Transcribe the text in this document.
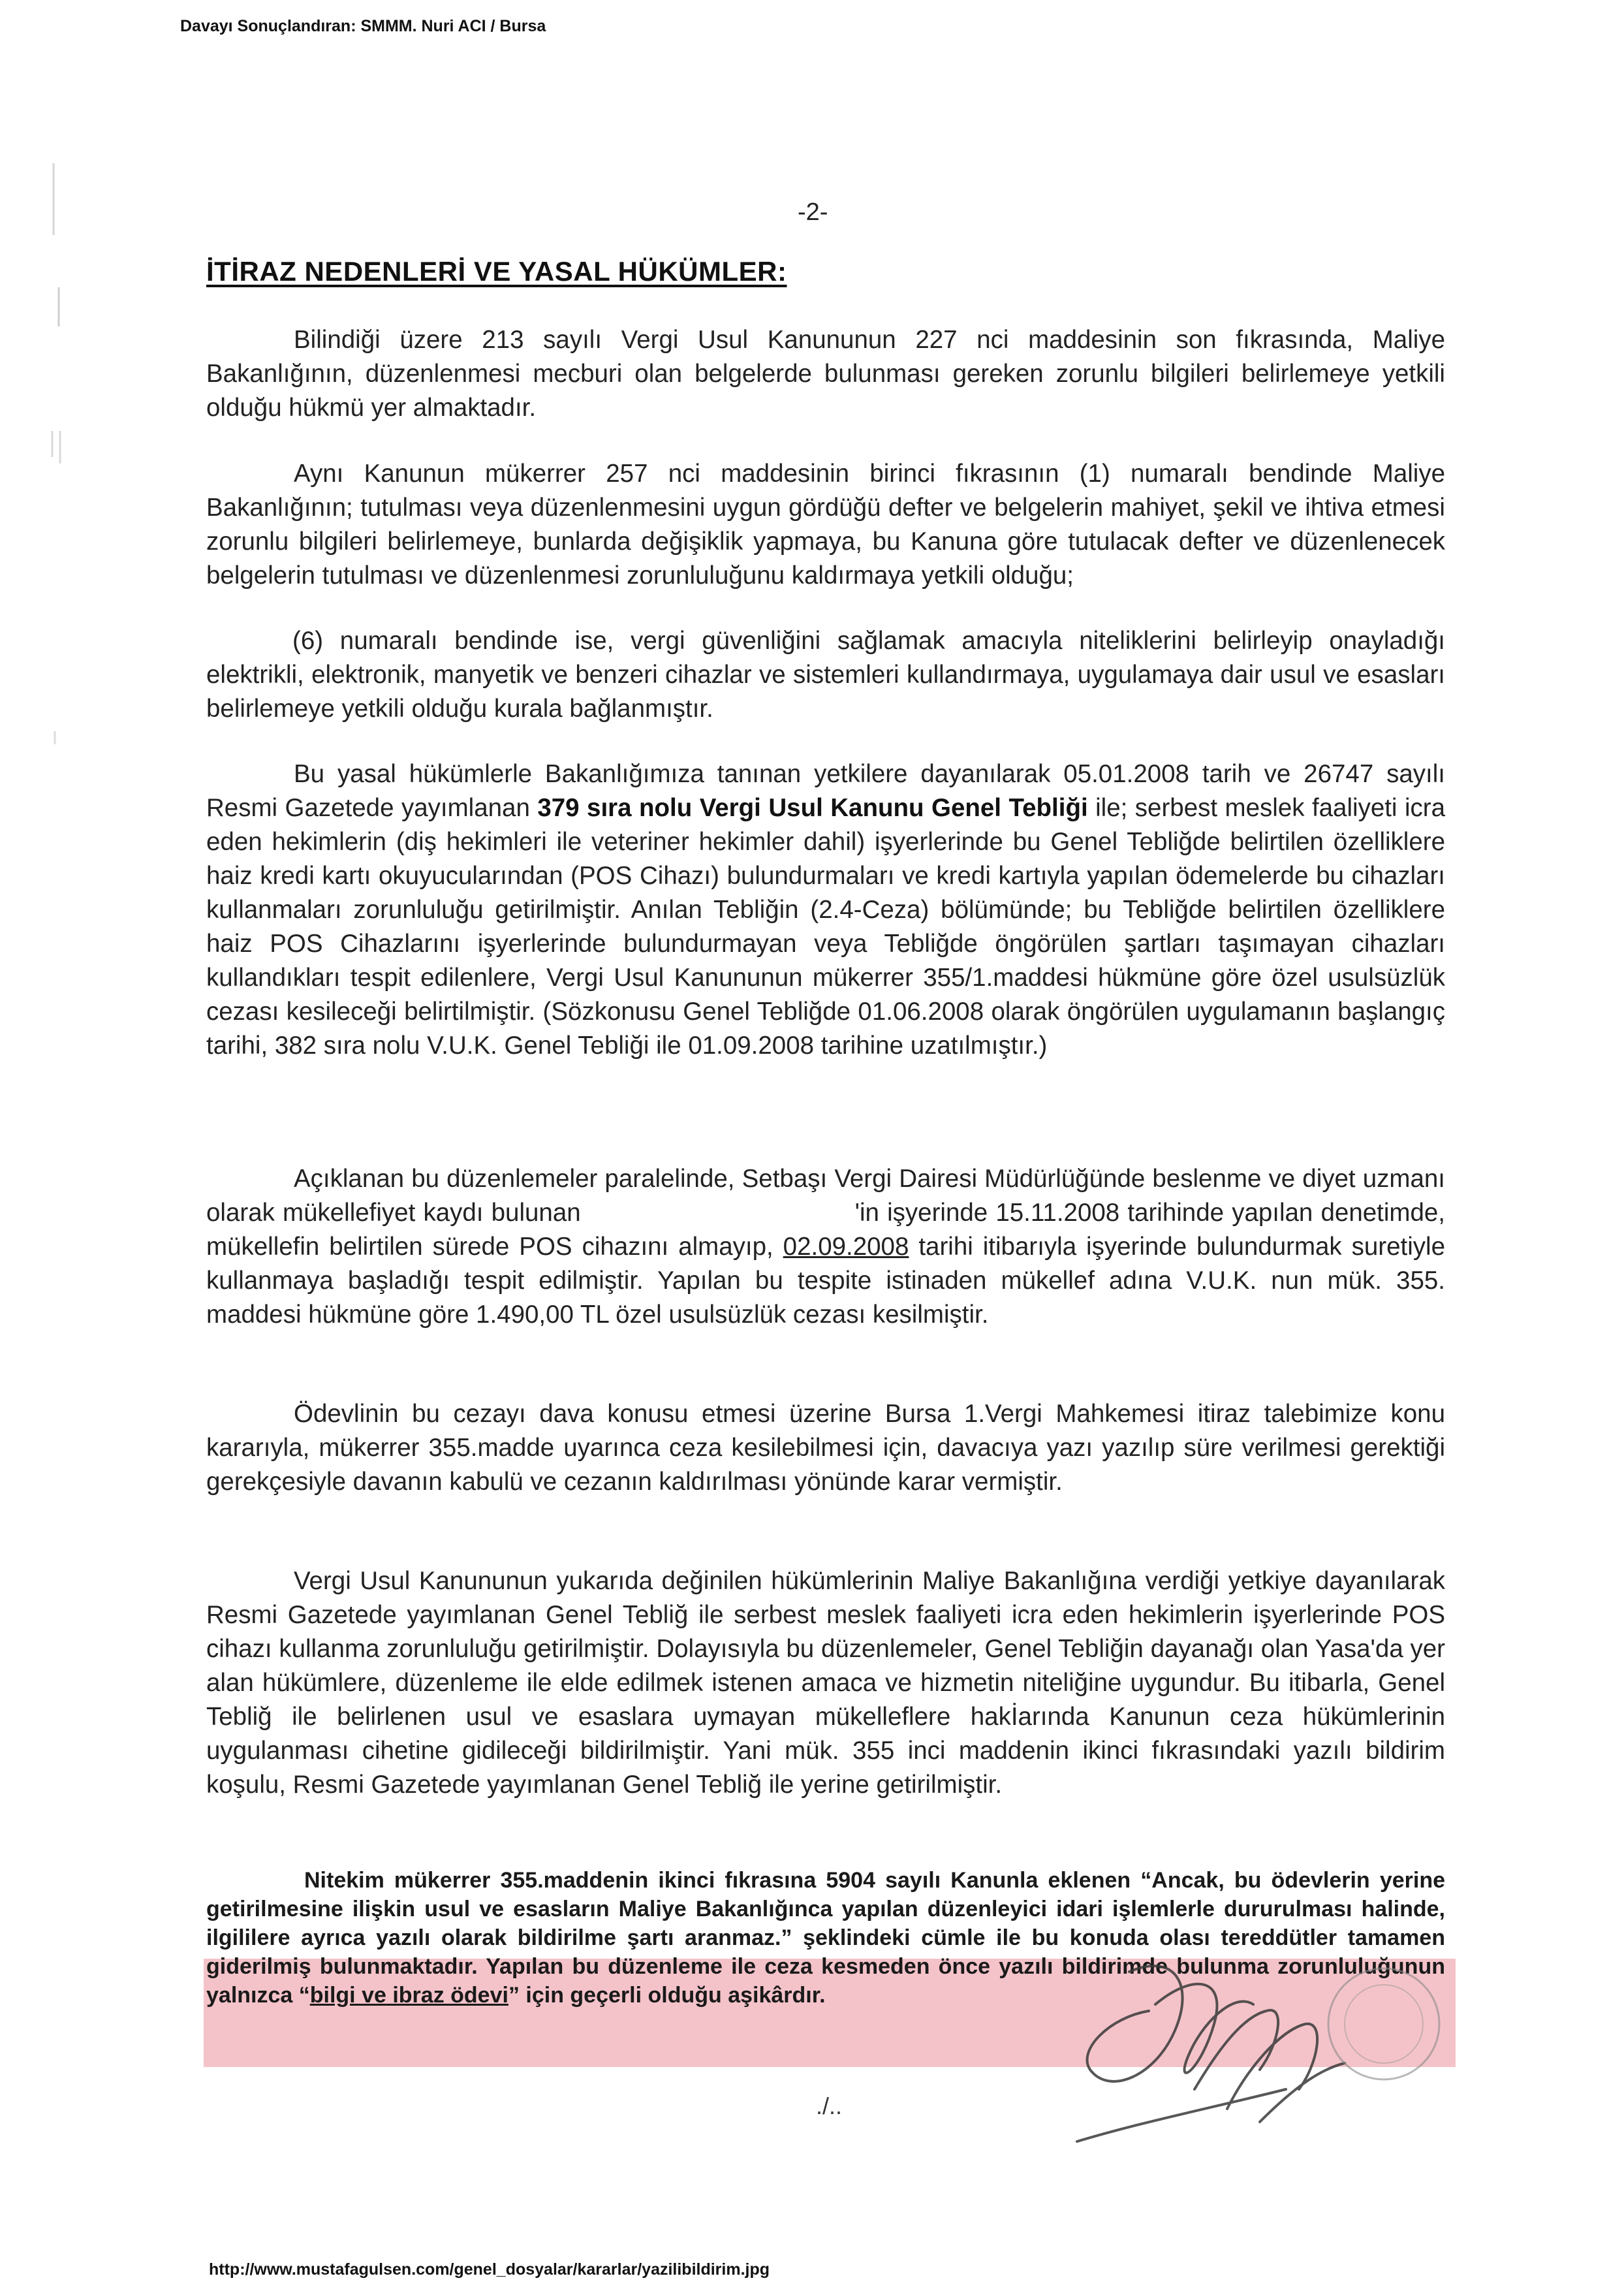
Davayı Sonuçlandıran: SMMM. Nuri ACI / Bursa
-2-
İTİRAZ NEDENLERİ VE YASAL HÜKÜMLER:

Bilindiği üzere 213 sayılı Vergi Usul Kanununun 227 nci maddesinin son fıkrasında, Maliye Bakanlığının, düzenlenmesi mecburi olan belgelerde bulunması gereken zorunlu bilgileri belirlemeye yetkili olduğu hükmü yer almaktadır.

Aynı Kanunun mükerrer 257 nci maddesinin birinci fıkrasının (1) numaralı bendinde Maliye Bakanlığının; tutulması veya düzenlenmesini uygun gördüğü defter ve belgelerin mahiyet, şekil ve ihtiva etmesi zorunlu bilgileri belirlemeye, bunlarda değişiklik yapmaya, bu Kanuna göre tutulacak defter ve düzenlenecek belgelerin tutulması ve düzenlenmesi zorunluluğunu kaldırmaya yetkili olduğu;

(6) numaralı bendinde ise, vergi güvenliğini sağlamak amacıyla niteliklerini belirleyip onayladığı elektrikli, elektronik, manyetik ve benzeri cihazlar ve sistemleri kullandırmaya, uygulamaya dair usul ve esasları belirlemeye yetkili olduğu kurala bağlanmıştır.

Bu yasal hükümlerle Bakanlığımıza tanınan yetkilere dayanılarak 05.01.2008 tarih ve 26747 sayılı Resmi Gazetede yayımlanan 379 sıra nolu Vergi Usul Kanunu Genel Tebliği ile; serbest meslek faaliyeti icra eden hekimlerin (diş hekimleri ile veteriner hekimler dahil) işyerlerinde bu Genel Tebliğde belirtilen özelliklere haiz kredi kartı okuyucularından (POS Cihazı) bulundurmaları ve kredi kartıyla yapılan ödemelerde bu cihazları kullanmaları zorunluluğu getirilmiştir. Anılan Tebliğin (2.4-Ceza) bölümünde; bu Tebliğde belirtilen özelliklere haiz POS Cihazlarını işyerlerinde bulundurmayan veya Tebliğde öngörülen şartları taşımayan cihazları kullandıkları tespit edilenlere, Vergi Usul Kanununun mükerrer 355/1.maddesi hükmüne göre özel usulsüzlük cezası kesileceği belirtilmiştir. (Sözkonusu Genel Tebliğde 01.06.2008 olarak öngörülen uygulamanın başlangıç tarihi, 382 sıra nolu V.U.K. Genel Tebliği ile 01.09.2008 tarihine uzatılmıştır.)

Açıklanan bu düzenlemeler paralelinde, Setbaşı Vergi Dairesi Müdürlüğünde beslenme ve diyet uzmanı olarak mükellefiyet kaydı bulunan	'in işyerinde 15.11.2008 tarihinde yapılan denetimde, mükellefin belirtilen sürede POS cihazını almayıp, 02.09.2008 tarihi itibarıyla işyerinde bulundurmak suretiyle kullanmaya başladığı tespit edilmiştir. Yapılan bu tespite istinaden mükellef adına V.U.K. nun mük. 355. maddesi hükmüne göre 1.490,00 TL özel usulsüzlük cezası kesilmiştir.

Ödevlinin bu cezayı dava konusu etmesi üzerine Bursa 1.Vergi Mahkemesi itiraz talebimize konu kararıyla, mükerrer 355.madde uyarınca ceza kesilebilmesi için, davacıya yazı yazılıp süre verilmesi gerektiği gerekçesiyle davanın kabulü ve cezanın kaldırılması yönünde karar vermiştir.

Vergi Usul Kanununun yukarıda değinilen hükümlerinin Maliye Bakanlığına verdiği yetkiye dayanılarak Resmi Gazetede yayımlanan Genel Tebliğ ile serbest meslek faaliyeti icra eden hekimlerin işyerlerinde POS cihazı kullanma zorunluluğu getirilmiştir. Dolayısıyla bu düzenlemeler, Genel Tebliğin dayanağı olan Yasa'da yer alan hükümlere, düzenleme ile elde edilmek istenen amaca ve hizmetin niteliğine uygundur. Bu itibarla, Genel Tebliğ ile belirlenen usul ve esaslara uymayan mükelleflere hakİarında Kanunun ceza hükümlerinin uygulanması cihetine gidileceği bildirilmiştir. Yani mük. 355 inci maddenin ikinci fıkrasındaki yazılı bildirim koşulu, Resmi Gazetede yayımlanan Genel Tebliğ ile yerine getirilmiştir.

Nitekim mükerrer 355.maddenin ikinci fıkrasına 5904 sayılı Kanunla eklenen “Ancak, bu ödevlerin yerine getirilmesine ilişkin usul ve esasların Maliye Bakanlığınca yapılan düzenleyici idari işlemlerle dururulması halinde, ilgililere ayrıca yazılı olarak bildirilme şartı aranmaz.” şeklindeki cümle ile bu konuda olası tereddütler tamamen giderilmiş bulunmaktadır. Yapılan bu düzenleme ile ceza kesmeden önce yazılı bildirimde bulunma zorunluluğunun yalnızca “bilgi ve ibraz ödevi” için geçerli olduğu aşikârdır.

./..
http://www.mustafagulsen.com/genel_dosyalar/kararlar/yazilibildirim.jpg
